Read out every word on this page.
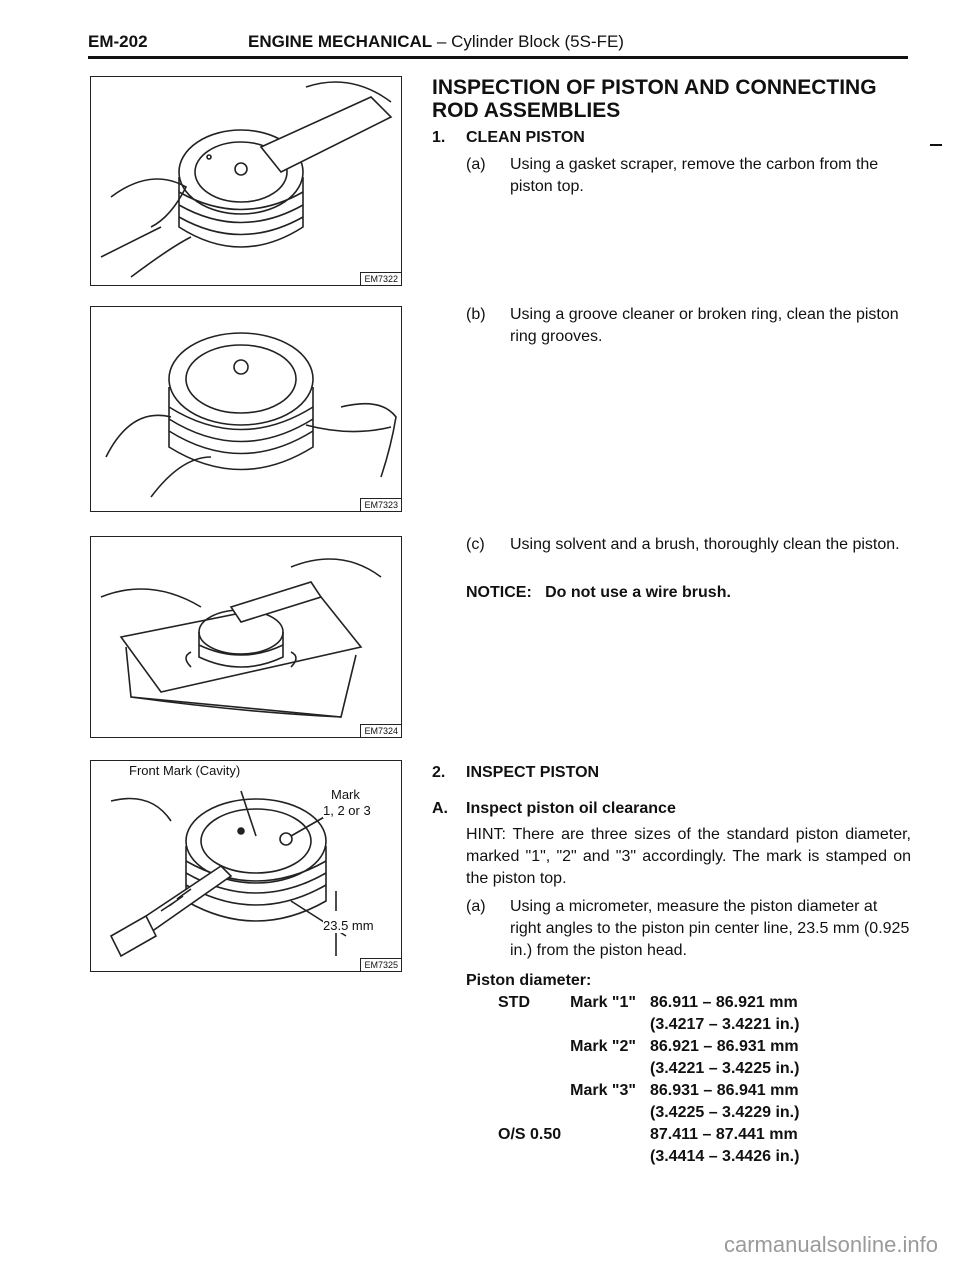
EM-202	ENGINE MECHANICAL – Cylinder Block (5S-FE)
EM7322
EM7323
EM7324
Front Mark (Cavity)
Mark
1, 2 or 3
23.5 mm
EM7325
INSPECTION OF PISTON AND CONNECTING
ROD ASSEMBLIES
1. CLEAN PISTON
(a) Using a gasket scraper, remove the carbon from the piston top.
(b) Using a groove cleaner or broken ring, clean the piston ring grooves.
(c) Using solvent and a brush, thoroughly clean the piston.
NOTICE:   Do not use a wire brush.
2. INSPECT PISTON
A. Inspect piston oil clearance
HINT: There are three sizes of the standard piston diameter, marked "1", "2" and "3" accordingly. The mark is stamped on the piston top.
(a) Using a micrometer, measure the piston diameter at right angles to the piston pin center line, 23.5 mm (0.925 in.) from the piston head.
Piston diameter:
STD	Mark "1" 86.911 – 86.921 mm
(3.4217 – 3.4221 in.)
Mark "2" 86.921 – 86.931 mm
(3.4221 – 3.4225 in.)
Mark "3" 86.931 – 86.941 mm
(3.4225 – 3.4229 in.)
O/S 0.50	87.411 – 87.441 mm
(3.4414 – 3.4426 in.)
carmanualsonline.info
